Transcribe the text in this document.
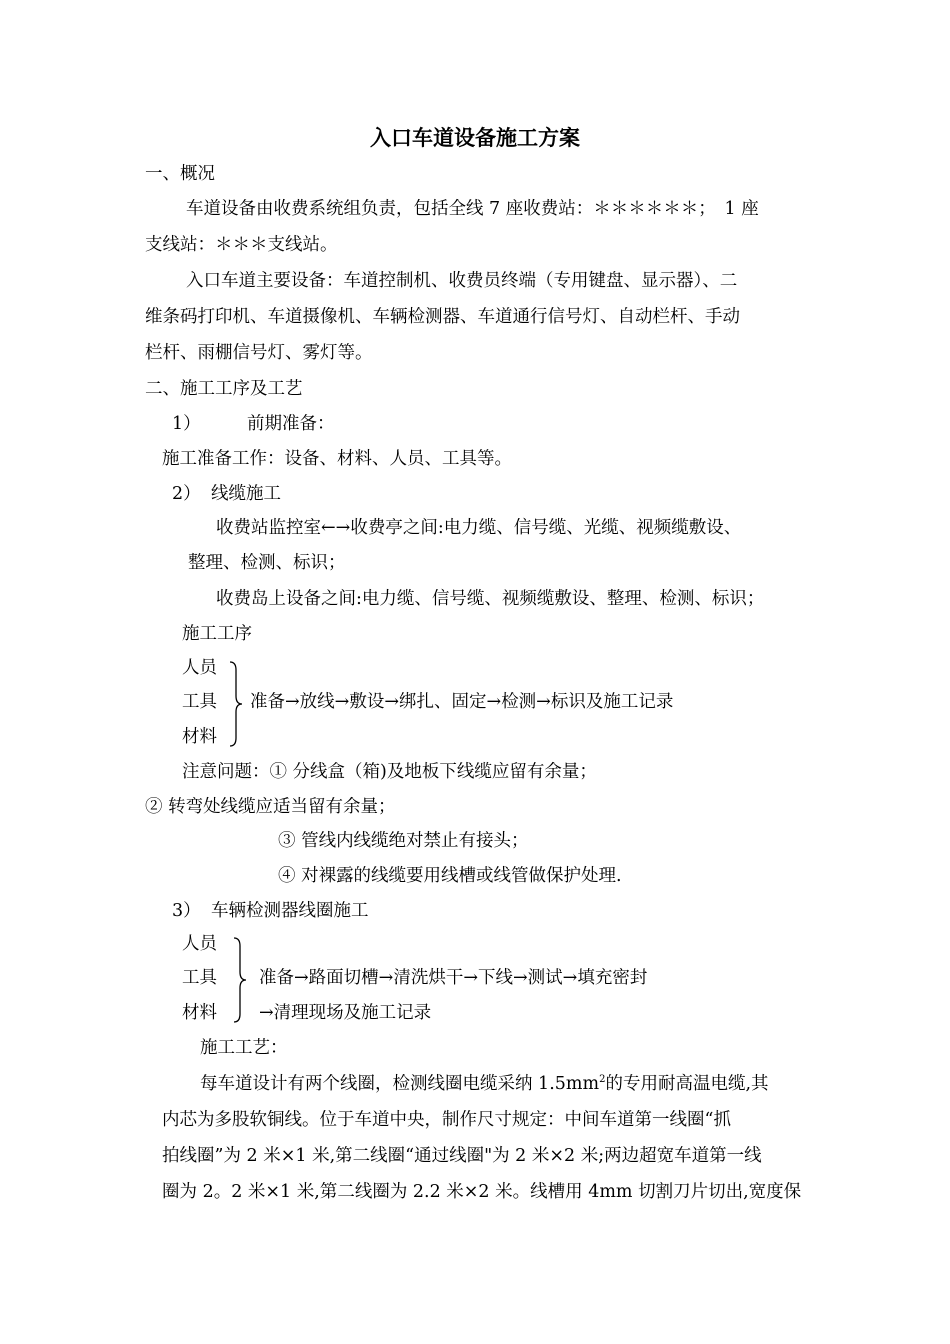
入口车道设备施工方案
一、概况
车道设备由收费系统组负责，包括全线 7 座收费站：＊＊＊＊＊＊；　1 座
支线站：＊＊＊支线站。
入口车道主要设备：车道控制机、收费员终端（专用键盘、显示器）、二
维条码打印机、车道摄像机、车辆检测器、车道通行信号灯、自动栏杆、手动
栏杆、雨棚信号灯、雾灯等。
二、施工工序及工艺
1）	前期准备：
施工准备工作：设备、材料、人员、工具等。
2） 线缆施工
收费站监控室←→收费亭之间:电力缆、信号缆、光缆、视频缆敷设、
整理、检测、标识；
收费岛上设备之间:电力缆、信号缆、视频缆敷设、整理、检测、标识；
施工工序
人员
工具
材料
准备→放线→敷设→绑扎、固定→检测→标识及施工记录
注意问题：① 分线盒（箱)及地板下线缆应留有余量；
② 转弯处线缆应适当留有余量；
③ 管线内线缆绝对禁止有接头；
④ 对裸露的线缆要用线槽或线管做保护处理.
3） 车辆检测器线圈施工
人员
工具
材料
准备→路面切槽→清洗烘干→下线→测试→填充密封
→清理现场及施工记录
施工工艺：
每车道设计有两个线圈，检测线圈电缆采纳 $1.5mm^2$的专用耐高温电缆,其
内芯为多股软铜线。位于车道中央，制作尺寸规定：中间车道第一线圈“抓
拍线圈”为 2 米×1 米,第二线圈“通过线圈"为 2 米×2 米;两边超宽车道第一线
圈为 2。2 米×1 米,第二线圈为 2.2 米×2 米。线槽用 4mm 切割刀片切出,宽度保
